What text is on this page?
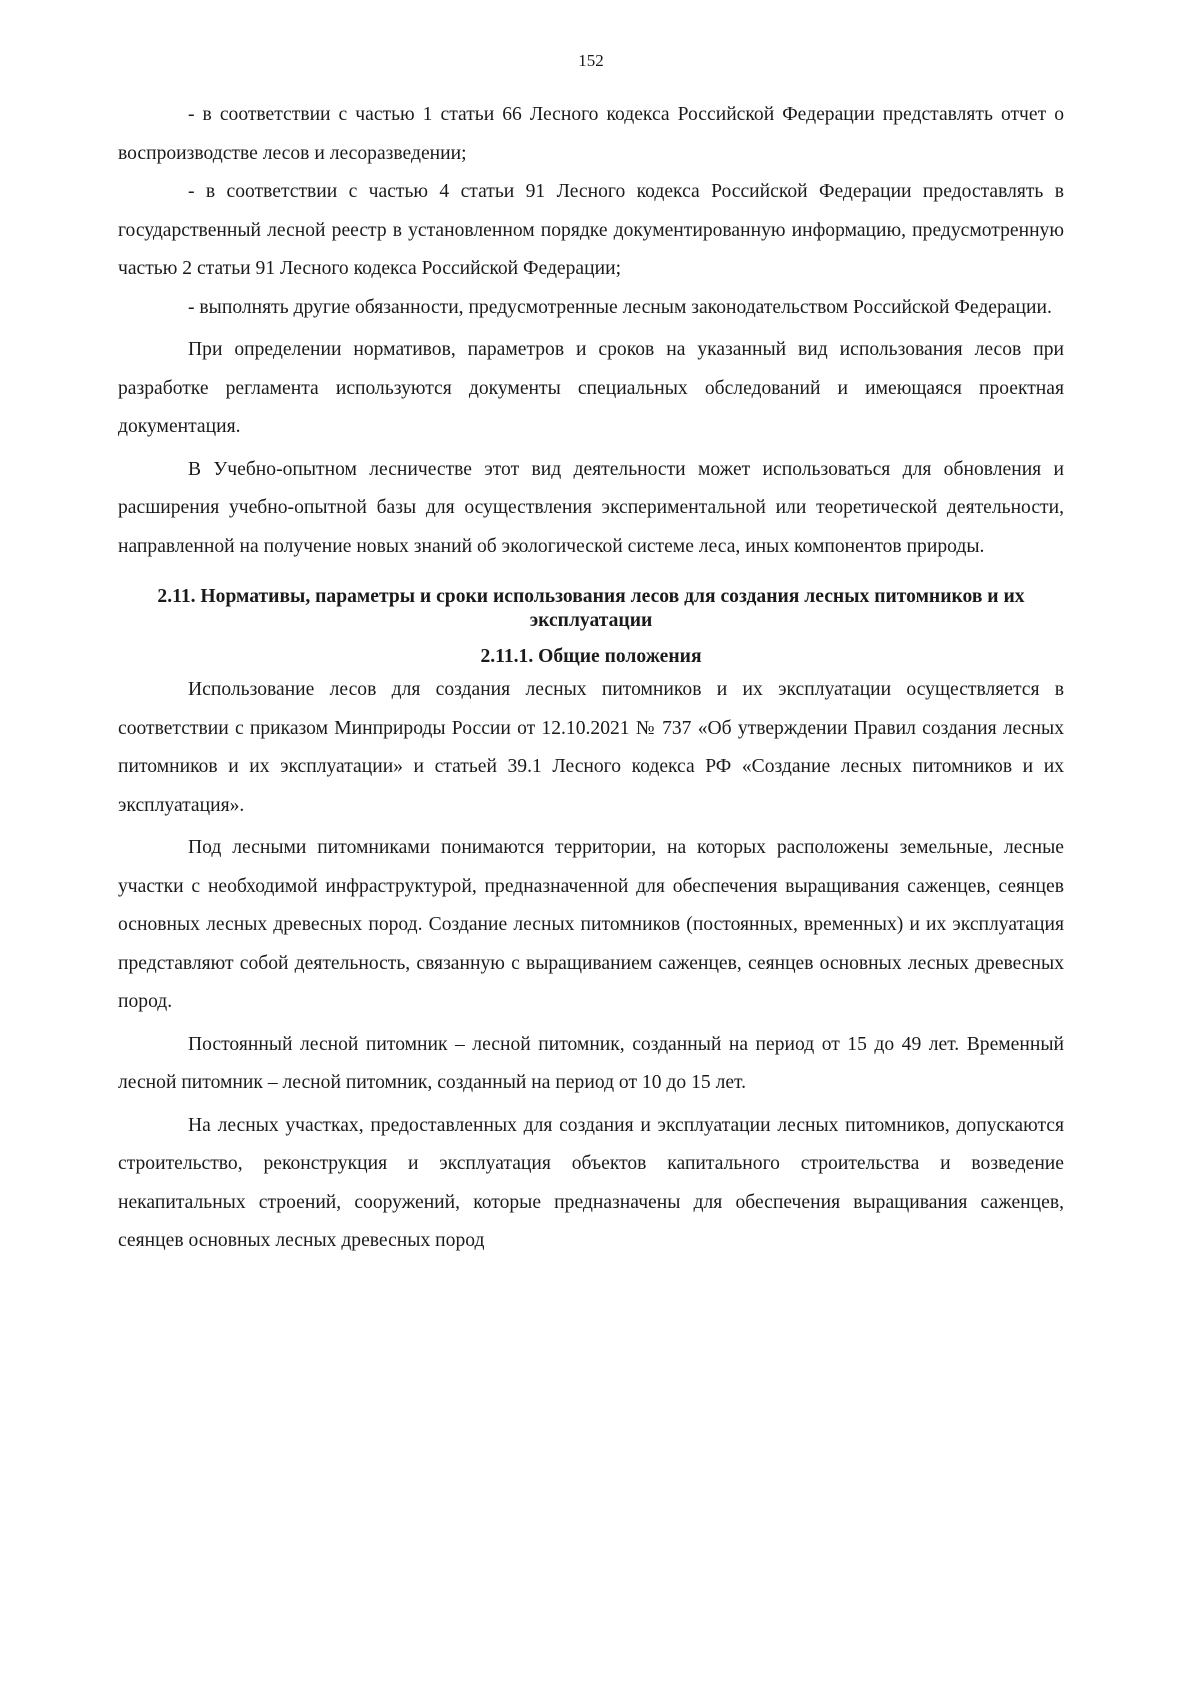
152

- в соответствии с частью 1 статьи 66 Лесного кодекса Российской Федерации представлять отчет о воспроизводстве лесов и лесоразведении;

- в соответствии с частью 4 статьи 91 Лесного кодекса Российской Федерации предоставлять в государственный лесной реестр в установленном порядке документированную информацию, предусмотренную частью 2 статьи 91 Лесного кодекса Российской Федерации;

- выполнять другие обязанности, предусмотренные лесным законодательством Российской Федерации.

При определении нормативов, параметров и сроков на указанный вид использования лесов при разработке регламента используются документы специальных обследований и имеющаяся проектная документация.

В Учебно-опытном лесничестве этот вид деятельности может использоваться для обновления и расширения учебно-опытной базы для осуществления экспериментальной или теоретической деятельности, направленной на получение новых знаний об экологической системе леса, иных компонентов природы.

2.11. Нормативы, параметры и сроки использования лесов для создания лесных питомников и их эксплуатации
2.11.1. Общие положения

Использование лесов для создания лесных питомников и их эксплуатации осуществляется в соответствии с приказом Минприроды России от 12.10.2021 № 737 «Об утверждении Правил создания лесных питомников и их эксплуатации» и статьей 39.1 Лесного кодекса РФ «Создание лесных питомников и их эксплуатация».

Под лесными питомниками понимаются территории, на которых расположены земельные, лесные участки с необходимой инфраструктурой, предназначенной для обеспечения выращивания саженцев, сеянцев основных лесных древесных пород. Создание лесных питомников (постоянных, временных) и их эксплуатация представляют собой деятельность, связанную с выращиванием саженцев, сеянцев основных лесных древесных пород.

Постоянный лесной питомник – лесной питомник, созданный на период от 15 до 49 лет. Временный лесной питомник – лесной питомник, созданный на период от 10 до 15 лет.

На лесных участках, предоставленных для создания и эксплуатации лесных питомников, допускаются строительство, реконструкция и эксплуатация объектов капитального строительства и возведение некапитальных строений, сооружений, которые предназначены для обеспечения выращивания саженцев, сеянцев основных лесных древесных пород
